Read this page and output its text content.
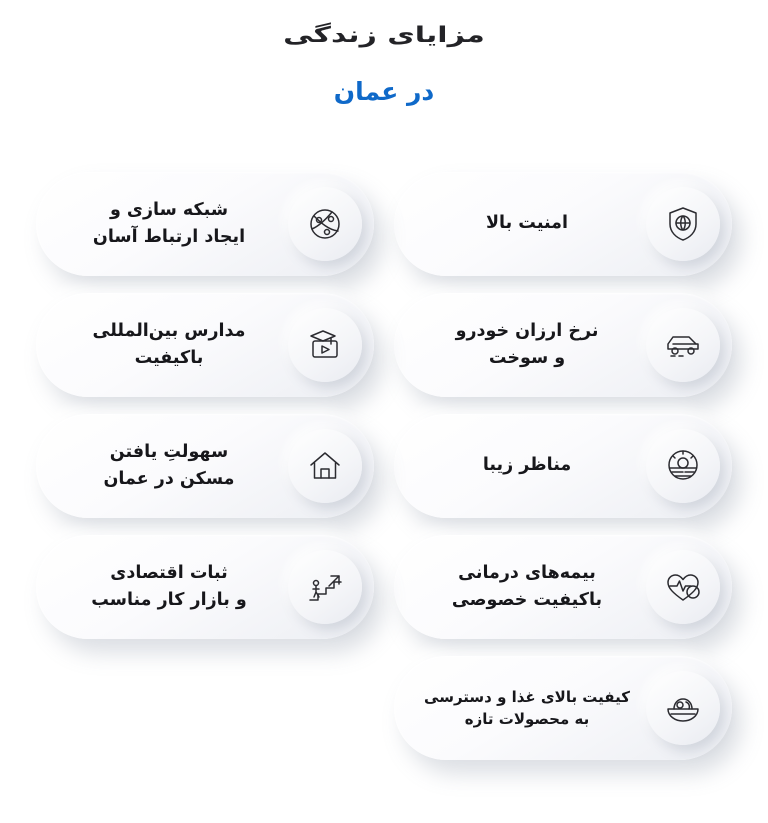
مزایای زندگی
در عمان
امنیت بالا
نرخ ارزان خودرو
و سوخت
مناظر زیبا
بیمه‌های درمانی
باکیفیت خصوصی
شبکه سازی و
ایجاد ارتباط آسان
مدارس بین‌المللی
باکیفیت
سهولتِ یافتن
مسکن در عمان
ثبات اقتصادی
و بازار کار مناسب
کیفیت بالای غذا و دسترسی
به محصولات تازه
